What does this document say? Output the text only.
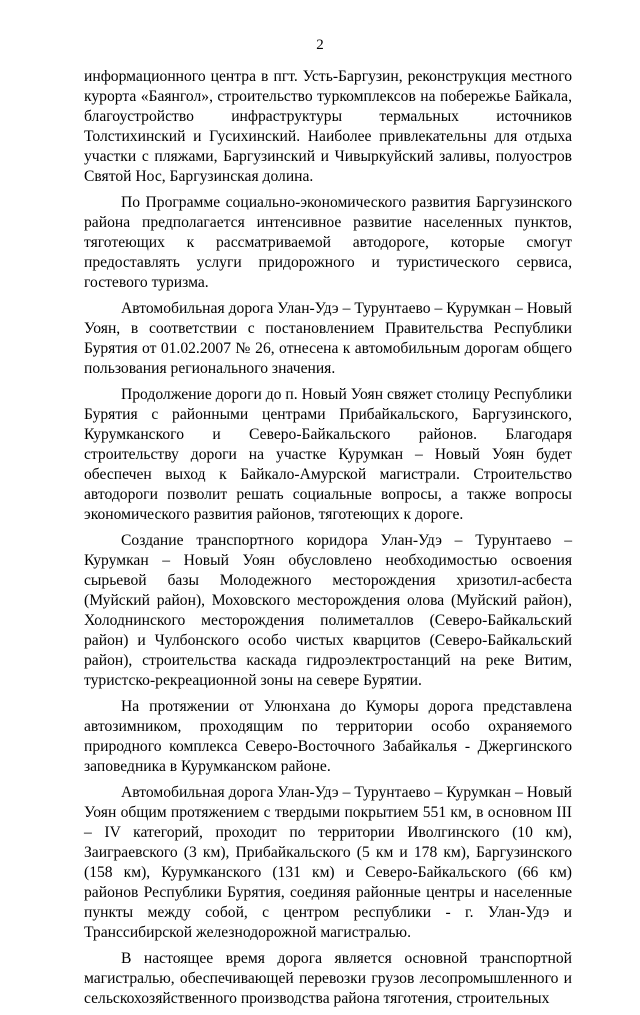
2

информационного центра в пгт. Усть-Баргузин, реконструкция местного курорта «Баянгол», строительство туркомплексов на побережье Байкала, благоустройство инфраструктуры термальных источников Толстихинский и Гусихинский. Наиболее привлекательны для отдыха участки с пляжами, Баргузинский и Чивыркуйский заливы, полуостров Святой Нос, Баргузинская долина.

По Программе социально-экономического развития Баргузинского района предполагается интенсивное развитие населенных пунктов, тяготеющих к рассматриваемой автодороге, которые смогут предоставлять услуги придорожного и туристического сервиса, гостевого туризма.

Автомобильная дорога Улан-Удэ – Турунтаево – Курумкан – Новый Уоян, в соответствии с постановлением Правительства Республики Бурятия от 01.02.2007 № 26, отнесена к автомобильным дорогам общего пользования регионального значения.

Продолжение дороги до п. Новый Уоян свяжет столицу Республики Бурятия с районными центрами Прибайкальского, Баргузинского, Курумканского и Северо-Байкальского районов. Благодаря строительству дороги на участке Курумкан – Новый Уоян будет обеспечен выход к Байкало-Амурской магистрали. Строительство автодороги позволит решать социальные вопросы, а также вопросы экономического развития районов, тяготеющих к дороге.

Создание транспортного коридора Улан-Удэ – Турунтаево – Курумкан – Новый Уоян обусловлено необходимостью освоения сырьевой базы Молодежного месторождения хризотил-асбеста (Муйский район), Моховского месторождения олова (Муйский район), Холоднинского месторождения полиметаллов (Северо-Байкальский район) и Чулбонского особо чистых кварцитов (Северо-Байкальский район), строительства каскада гидроэлектростанций на реке Витим, туристско-рекреационной зоны на севере Бурятии.

На протяжении от Улюнхана до Куморы дорога представлена автозимником, проходящим по территории особо охраняемого природного комплекса Северо-Восточного Забайкалья - Джергинского заповедника в Курумканском районе.

Автомобильная дорога Улан-Удэ – Турунтаево – Курумкан – Новый Уоян общим протяжением с твердыми покрытием 551 км, в основном III – IV категорий, проходит по территории Иволгинского (10 км), Заиграевского (3 км), Прибайкальского (5 км и 178 км), Баргузинского (158 км), Курумканского (131 км) и Северо-Байкальского (66 км) районов Республики Бурятия, соединяя районные центры и населенные пункты между собой, с центром республики - г. Улан-Удэ и Транссибирской железнодорожной магистралью.

В настоящее время дорога является основной транспортной магистралью, обеспечивающей перевозки грузов лесопромышленного и сельскохозяйственного производства района тяготения, строительных
